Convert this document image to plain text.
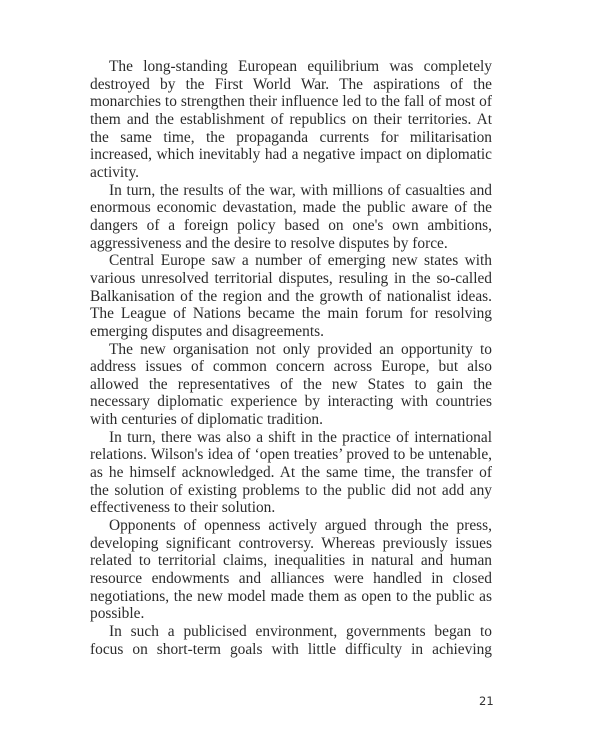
The long-standing European equilibrium was completely destroyed by the First World War. The aspirations of the monarchies to strengthen their influence led to the fall of most of them and the establishment of republics on their territories. At the same time, the propaganda currents for militarisation increased, which inevitably had a negative impact on diplomatic activity.

In turn, the results of the war, with millions of casualties and enormous economic devastation, made the public aware of the dangers of a foreign policy based on one's own ambitions, aggressiveness and the desire to resolve disputes by force.

Central Europe saw a number of emerging new states with various unresolved territorial disputes, resuling in the so-called Balkanisation of the region and the growth of nationalist ideas. The League of Nations became the main forum for resolving emerging disputes and disagreements.

The new organisation not only provided an opportunity to address issues of common concern across Europe, but also allowed the representatives of the new States to gain the necessary diplomatic experience by interacting with countries with centuries of diplomatic tradition.

In turn, there was also a shift in the practice of international relations. Wilson's idea of ‘open treaties’ proved to be untenable, as he himself acknowledged. At the same time, the transfer of the solution of existing problems to the public did not add any effectiveness to their solution.

Opponents of openness actively argued through the press, developing significant controversy. Whereas previously issues related to territorial claims, inequalities in natural and human resource endowments and alliances were handled in closed negotiations, the new model made them as open to the public as possible.

In such a publicised environment, governments began to focus on short-term goals with little difficulty in achieving

21
